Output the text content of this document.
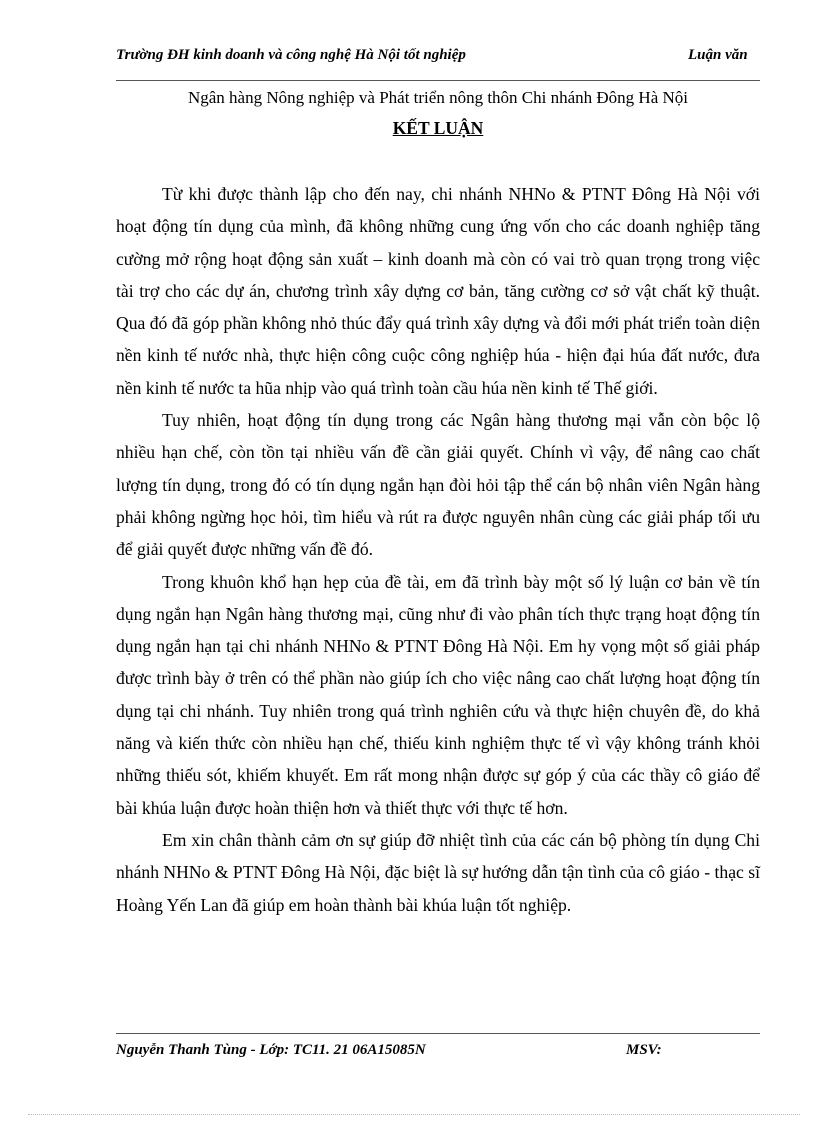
Trường ĐH kinh doanh và công nghệ Hà Nội tốt nghiệp	Luận văn
Ngân hàng Nông nghiệp và Phát triển nông thôn Chi nhánh Đông Hà Nội
KẾT LUẬN

Từ khi được thành lập cho đến nay, chi nhánh NHNo & PTNT Đông Hà Nội với hoạt động tín dụng của mình, đã không những cung ứng vốn cho các doanh nghiệp tăng cường mở rộng hoạt động sản xuất – kinh doanh mà còn có vai trò quan trọng trong việc tài trợ cho các dự án, chương trình xây dựng cơ bản, tăng cường cơ sở vật chất kỹ thuật. Qua đó đã góp phần không nhỏ thúc đẩy quá trình xây dựng và đổi mới phát triển toàn diện nền kinh tế nước nhà, thực hiện công cuộc công nghiệp húa - hiện đại húa đất nước, đưa nền kinh tế nước ta hũa nhịp vào quá trình toàn cầu húa nền kinh tế Thế giới.

Tuy nhiên, hoạt động tín dụng trong các Ngân hàng thương mại vẫn còn bộc lộ nhiều hạn chế, còn tồn tại nhiều vấn đề cần giải quyết. Chính vì vậy, để nâng cao chất lượng tín dụng, trong đó có tín dụng ngắn hạn đòi hỏi tập thể cán bộ nhân viên Ngân hàng phải không ngừng học hỏi, tìm hiểu và rút ra được nguyên nhân cùng các giải pháp tối ưu để giải quyết được những vấn đề đó.

Trong khuôn khổ hạn hẹp của đề tài, em đã trình bày một số lý luận cơ bản về tín dụng ngắn hạn Ngân hàng thương mại, cũng như đi vào phân tích thực trạng hoạt động tín dụng ngắn hạn tại chi nhánh NHNo & PTNT Đông Hà Nội. Em hy vọng một số giải pháp được trình bày ở trên có thể phần nào giúp ích cho việc nâng cao chất lượng hoạt động tín dụng tại chi nhánh. Tuy nhiên trong quá trình nghiên cứu và thực hiện chuyên đề, do khả năng và kiến thức còn nhiều hạn chế, thiếu kinh nghiệm thực tế vì vậy không tránh khỏi những thiếu sót, khiếm khuyết. Em rất mong nhận được sự góp ý của các thầy cô giáo để bài khúa luận được hoàn thiện hơn và thiết thực với thực tế hơn.

Em xin chân thành cảm ơn sự giúp đỡ nhiệt tình của các cán bộ phòng tín dụng Chi nhánh NHNo & PTNT Đông Hà Nội, đặc biệt là sự hướng dẫn tận tình của cô giáo - thạc sĩ Hoàng Yến Lan đã giúp em hoàn thành bài khúa luận tốt nghiệp.

Nguyễn Thanh Tùng - Lớp: TC11. 21 06A15085N	MSV:
